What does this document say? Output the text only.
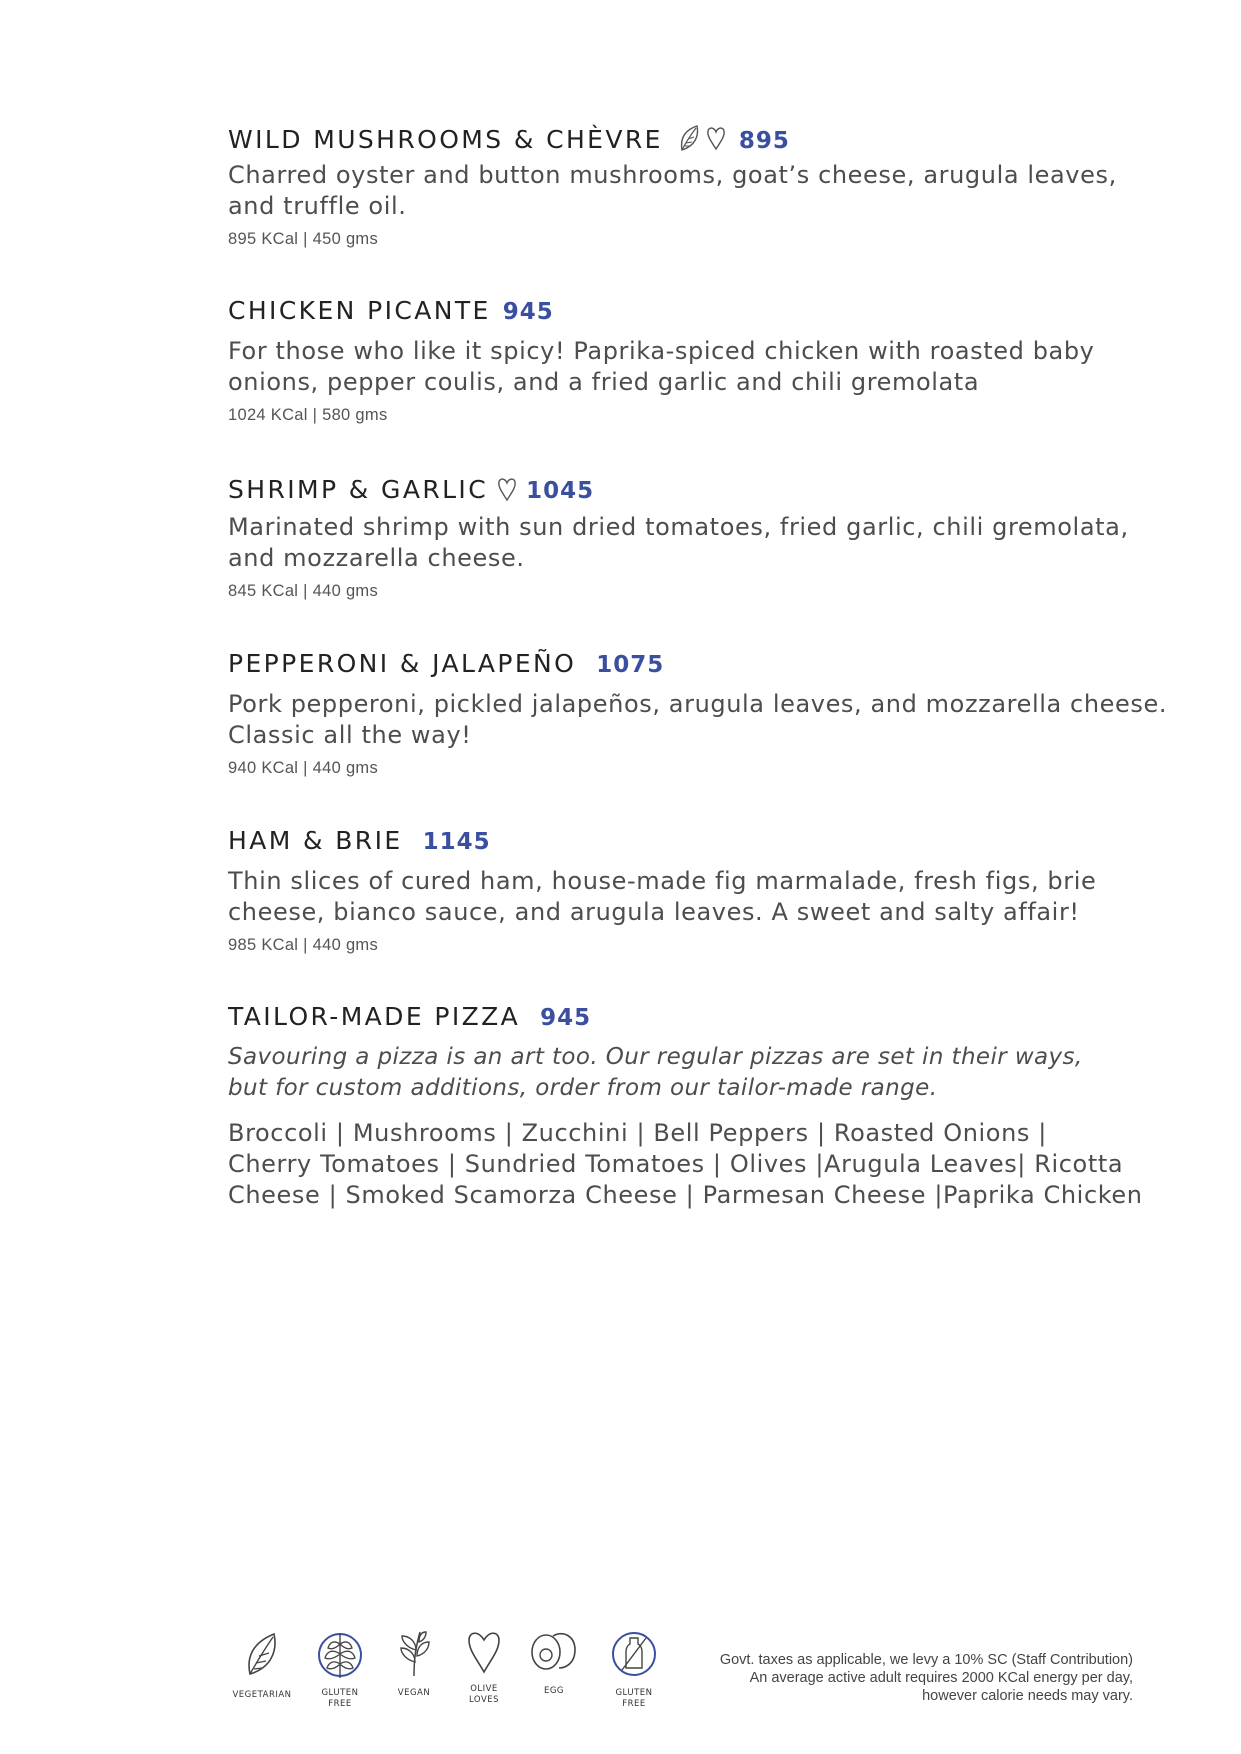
WILD MUSHROOMS & CHÈVRE	895
Charred oyster and button mushrooms, goat’s cheese, arugula leaves,
and truffle oil.
895 KCal | 450 gms
CHICKEN PICANTE 945
For those who like it spicy! Paprika-spiced chicken with roasted baby
onions, pepper coulis, and a fried garlic and chili gremolata
1024 KCal | 580 gms
SHRIMP & GARLIC 1045
Marinated shrimp with sun dried tomatoes, fried garlic, chili gremolata,
and mozzarella cheese.
845 KCal | 440 gms
PEPPERONI & JALAPEÑO 1075
Pork pepperoni, pickled jalapeños, arugula leaves, and mozzarella cheese.
Classic all the way!
940 KCal | 440 gms
HAM & BRIE 1145
Thin slices of cured ham, house-made fig marmalade, fresh figs, brie
cheese, bianco sauce, and arugula leaves. A sweet and salty affair!
985 KCal | 440 gms
TAILOR-MADE PIZZA 945
Savouring a pizza is an art too. Our regular pizzas are set in their ways,
but for custom additions, order from our tailor-made range.
Broccoli | Mushrooms | Zucchini | Bell Peppers | Roasted Onions |
Cherry Tomatoes | Sundried Tomatoes | Olives |Arugula Leaves| Ricotta
Cheese | Smoked Scamorza Cheese | Parmesan Cheese |Paprika Chicken
VEGETARIAN	GLUTEN
FREE
VEGAN	OLIVE
LOVES
EGG	GLUTEN
FREE
Govt. taxes as applicable, we levy a 10% SC (Staff Contribution)
An average active adult requires 2000 KCal energy per day,
however calorie needs may vary.
